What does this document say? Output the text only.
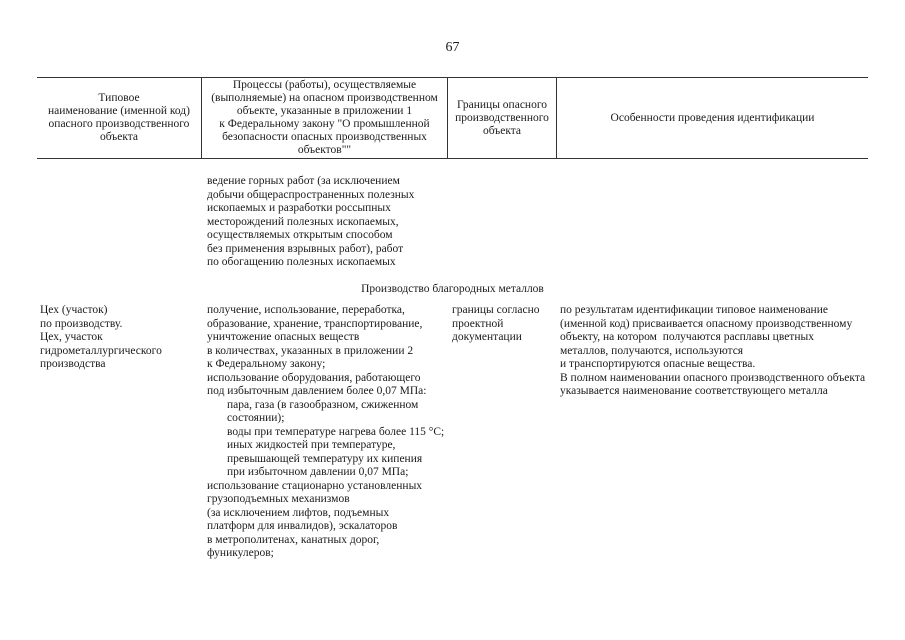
67
Типовое
наименование (именной код)
опасного производственного
объекта
Процессы (работы), осуществляемые
(выполняемые) на опасном производственном
объекте, указанные в приложении 1
к Федеральному закону "О промышленной
безопасности опасных производственных
объектов""
Границы опасного
производственного
объекта
Особенности проведения идентификации
ведение горных работ (за исключением
добычи общераспространенных полезных
ископаемых и разработки россыпных
месторождений полезных ископаемых,
осуществляемых открытым способом
без применения взрывных работ), работ
по обогащению полезных ископаемых
Производство благородных металлов
Цех (участок)
по производству.
Цех, участок
гидрометаллургического
производства
получение, использование, переработка,
образование, хранение, транспортирование,
уничтожение опасных веществ
в количествах, указанных в приложении 2
к Федеральному закону;
использование оборудования, работающего
под избыточным давлением более 0,07 МПа:
пара, газа (в газообразном, сжиженном
состоянии);
воды при температуре нагрева более 115 °С;
иных жидкостей при температуре,
превышающей температуру их кипения
при избыточном давлении 0,07 МПа;
использование стационарно установленных
грузоподъемных механизмов
(за исключением лифтов, подъемных
платформ для инвалидов), эскалаторов
в метрополитенах, канатных дорог,
фуникулеров;
границы согласно
проектной
документации
по результатам идентификации типовое наименование
(именной код) присваивается опасному производственному
объекту, на котором  получаются расплавы цветных
металлов, получаются, используются
и транспортируются опасные вещества.
В полном наименовании опасного производственного объекта
указывается наименование соответствующего металла
